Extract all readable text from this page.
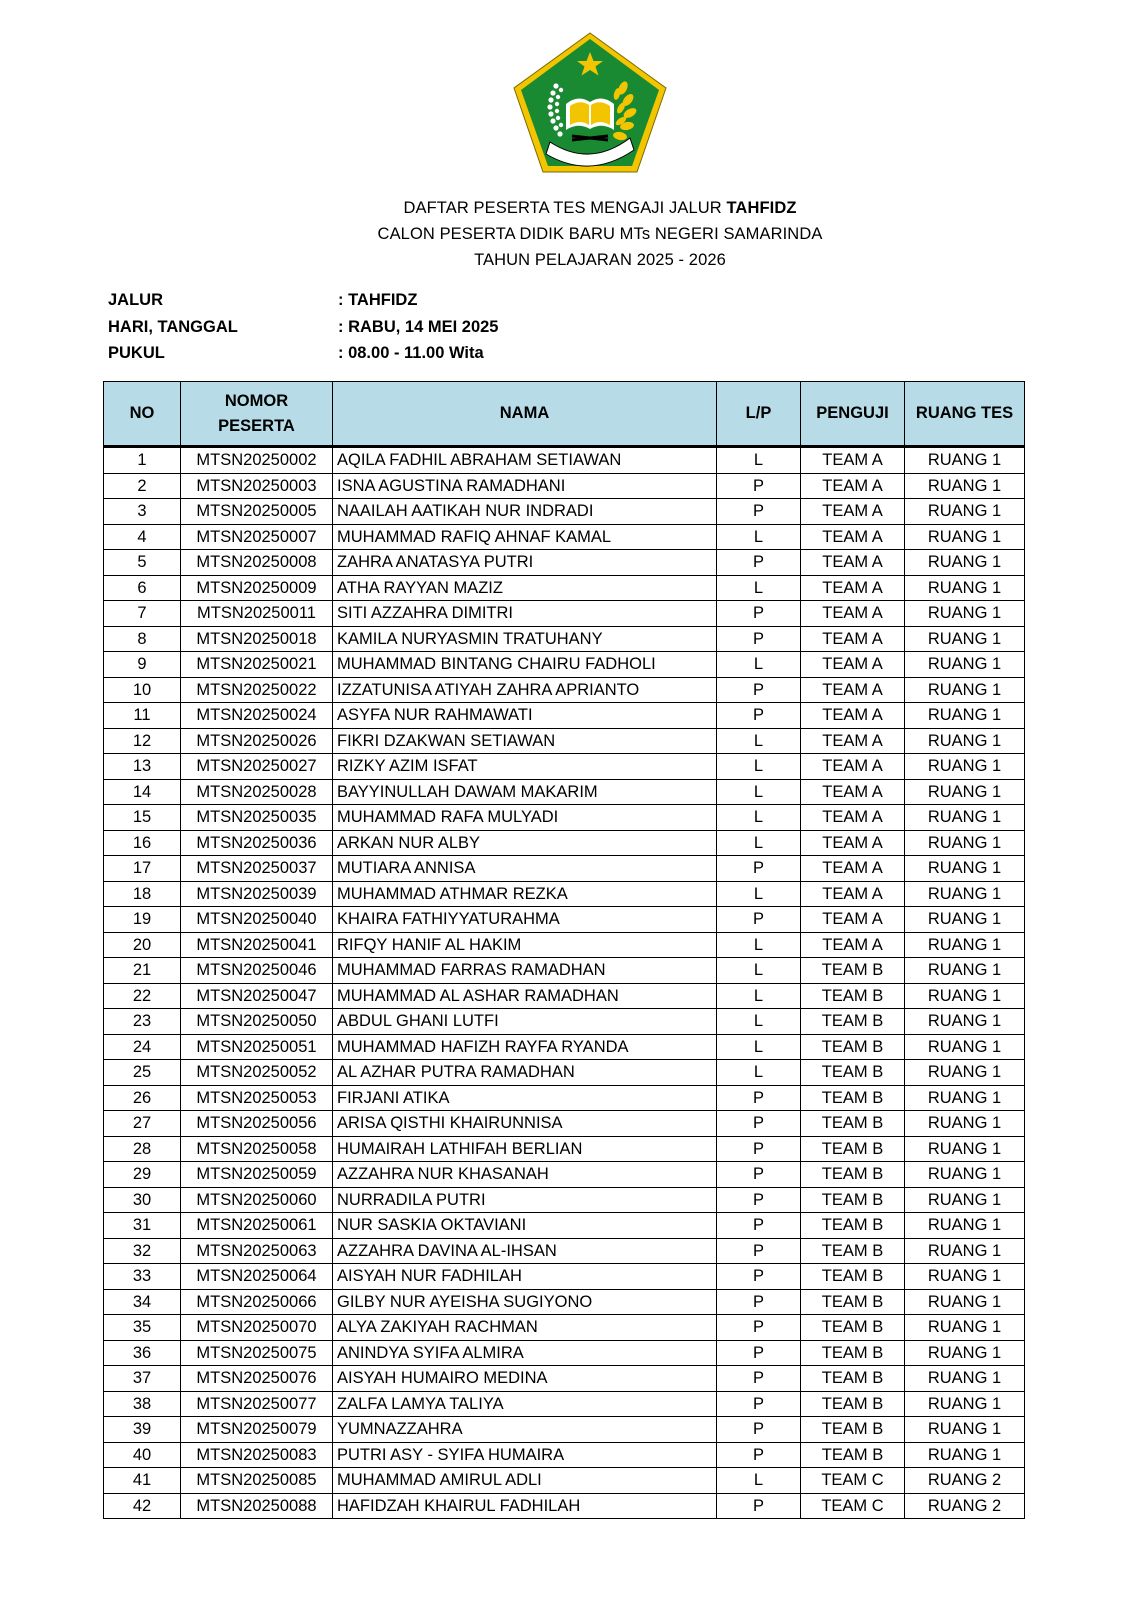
DAFTAR PESERTA TES MENGAJI JALUR TAHFIDZ
CALON PESERTA DIDIK BARU MTs NEGERI SAMARINDA
TAHUN PELAJARAN 2025 - 2026
JALUR	: TAHFIDZ
HARI, TANGGAL	: RABU, 14 MEI 2025
PUKUL	: 08.00 - 11.00 Wita
NO	NOMOR PESERTA	NAMA	L/P	PENGUJI	RUANG TES
1	MTSN20250002	AQILA FADHIL ABRAHAM SETIAWAN	L	TEAM A	RUANG 1
2	MTSN20250003	ISNA AGUSTINA RAMADHANI	P	TEAM A	RUANG 1
3	MTSN20250005	NAAILAH AATIKAH NUR INDRADI	P	TEAM A	RUANG 1
4	MTSN20250007	MUHAMMAD RAFIQ AHNAF KAMAL	L	TEAM A	RUANG 1
5	MTSN20250008	ZAHRA ANATASYA PUTRI	P	TEAM A	RUANG 1
6	MTSN20250009	ATHA RAYYAN MAZIZ	L	TEAM A	RUANG 1
7	MTSN20250011	SITI AZZAHRA DIMITRI	P	TEAM A	RUANG 1
8	MTSN20250018	KAMILA NURYASMIN TRATUHANY	P	TEAM A	RUANG 1
9	MTSN20250021	MUHAMMAD BINTANG CHAIRU FADHOLI	L	TEAM A	RUANG 1
10	MTSN20250022	IZZATUNISA ATIYAH ZAHRA APRIANTO	P	TEAM A	RUANG 1
11	MTSN20250024	ASYFA NUR RAHMAWATI	P	TEAM A	RUANG 1
12	MTSN20250026	FIKRI DZAKWAN SETIAWAN	L	TEAM A	RUANG 1
13	MTSN20250027	RIZKY AZIM ISFAT	L	TEAM A	RUANG 1
14	MTSN20250028	BAYYINULLAH DAWAM MAKARIM	L	TEAM A	RUANG 1
15	MTSN20250035	MUHAMMAD RAFA MULYADI	L	TEAM A	RUANG 1
16	MTSN20250036	ARKAN NUR ALBY	L	TEAM A	RUANG 1
17	MTSN20250037	MUTIARA ANNISA	P	TEAM A	RUANG 1
18	MTSN20250039	MUHAMMAD ATHMAR REZKA	L	TEAM A	RUANG 1
19	MTSN20250040	KHAIRA FATHIYYATURAHMA	P	TEAM A	RUANG 1
20	MTSN20250041	RIFQY HANIF AL HAKIM	L	TEAM A	RUANG 1
21	MTSN20250046	MUHAMMAD FARRAS RAMADHAN	L	TEAM B	RUANG 1
22	MTSN20250047	MUHAMMAD AL ASHAR RAMADHAN	L	TEAM B	RUANG 1
23	MTSN20250050	ABDUL GHANI LUTFI	L	TEAM B	RUANG 1
24	MTSN20250051	MUHAMMAD HAFIZH RAYFA RYANDA	L	TEAM B	RUANG 1
25	MTSN20250052	AL AZHAR PUTRA RAMADHAN	L	TEAM B	RUANG 1
26	MTSN20250053	FIRJANI ATIKA	P	TEAM B	RUANG 1
27	MTSN20250056	ARISA QISTHI KHAIRUNNISA	P	TEAM B	RUANG 1
28	MTSN20250058	HUMAIRAH LATHIFAH BERLIAN	P	TEAM B	RUANG 1
29	MTSN20250059	AZZAHRA NUR KHASANAH	P	TEAM B	RUANG 1
30	MTSN20250060	NURRADILA PUTRI	P	TEAM B	RUANG 1
31	MTSN20250061	NUR SASKIA OKTAVIANI	P	TEAM B	RUANG 1
32	MTSN20250063	AZZAHRA DAVINA AL-IHSAN	P	TEAM B	RUANG 1
33	MTSN20250064	AISYAH NUR FADHILAH	P	TEAM B	RUANG 1
34	MTSN20250066	GILBY NUR AYEISHA SUGIYONO	P	TEAM B	RUANG 1
35	MTSN20250070	ALYA ZAKIYAH RACHMAN	P	TEAM B	RUANG 1
36	MTSN20250075	ANINDYA SYIFA ALMIRA	P	TEAM B	RUANG 1
37	MTSN20250076	AISYAH HUMAIRO MEDINA	P	TEAM B	RUANG 1
38	MTSN20250077	ZALFA LAMYA TALIYA	P	TEAM B	RUANG 1
39	MTSN20250079	YUMNAZZAHRA	P	TEAM B	RUANG 1
40	MTSN20250083	PUTRI ASY - SYIFA HUMAIRA	P	TEAM B	RUANG 1
41	MTSN20250085	MUHAMMAD AMIRUL ADLI	L	TEAM C	RUANG 2
42	MTSN20250088	HAFIDZAH KHAIRUL FADHILAH	P	TEAM C	RUANG 2
